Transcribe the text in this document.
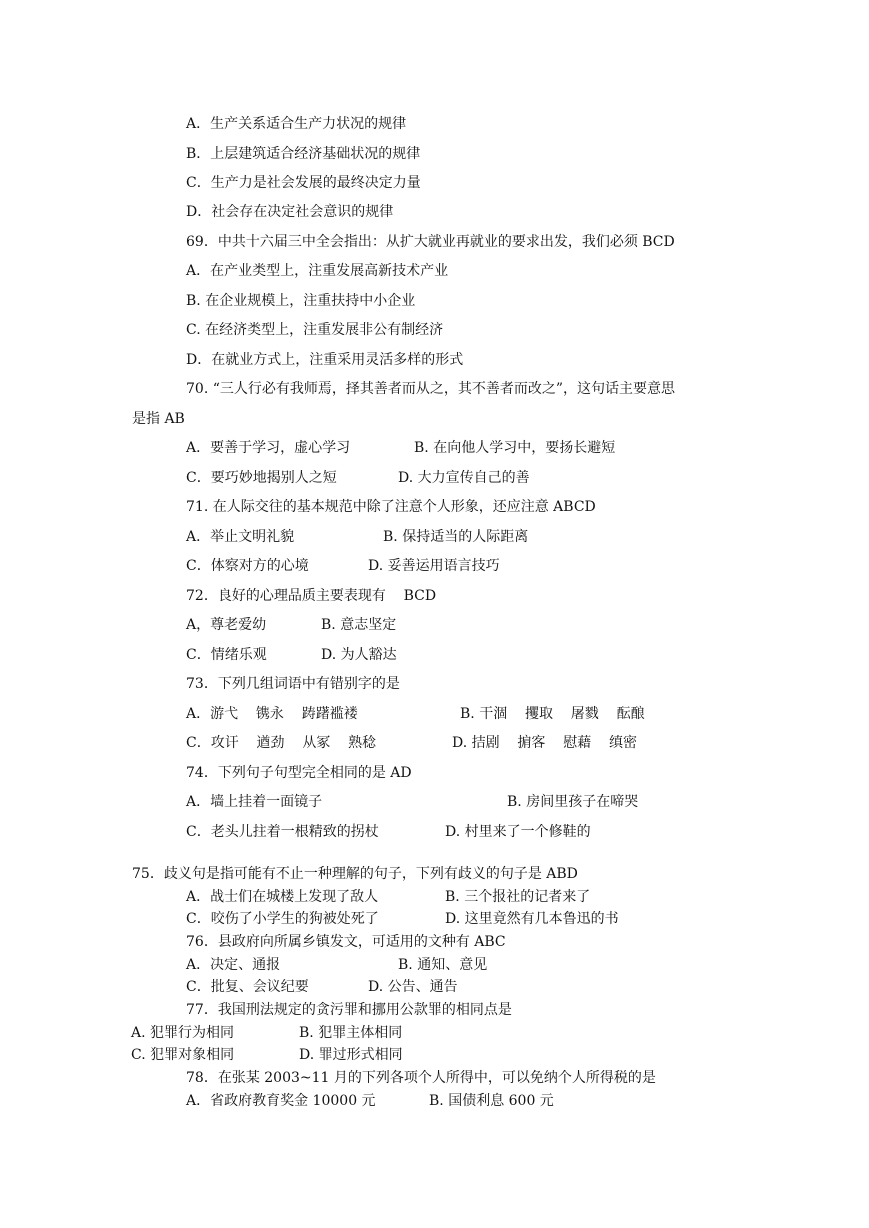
A．生产关系适合生产力状况的规律
B．上层建筑适合经济基础状况的规律
C．生产力是社会发展的最终决定力量
D．社会存在决定社会意识的规律
69．中共十六届三中全会指出：从扩大就业再就业的要求出发，我们必须 BCD
A．在产业类型上，注重发展高新技术产业
B. 在企业规模上，注重扶持中小企业
C. 在经济类型上，注重发展非公有制经济
D．在就业方式上，注重采用灵活多样的形式
70. “三人行必有我师焉，择其善者而从之，其不善者而改之”，这句话主要意思
是指 AB
A．要善于学习，虚心学习	B. 在向他人学习中，要扬长避短
C．要巧妙地揭别人之短	D. 大力宣传自己的善
71. 在人际交往的基本规范中除了注意个人形象，还应注意 ABCD
A．举止文明礼貌	B. 保持适当的人际距离
C．体察对方的心境	D. 妥善运用语言技巧
72．良好的心理品质主要表现有    BCD
A，尊老爱幼	B. 意志坚定
C．情绪乐观	D. 为人豁达
73．下列几组词语中有错别字的是
A．游弋    镌永    踌躇褴褛	B. 干涸    攫取    屠戮    酝酿
C．攻讦    遒劲    从冢    熟稔	D. 拮剧    掮客    慰藉    缜密
74．下列句子句型完全相同的是 AD
A．墙上挂着一面镜子	B. 房间里孩子在啼哭
C．老头儿拄着一根精致的拐杖	D. 村里来了一个修鞋的
75．歧义句是指可能有不止一种理解的句子，下列有歧义的句子是 ABD
A．战士们在城楼上发现了敌人	B. 三个报社的记者来了
C．咬伤了小学生的狗被处死了	D. 这里竟然有几本鲁迅的书
76．县政府向所属乡镇发文，可适用的文种有 ABC
A．决定、通报	B. 通知、意见
C．批复、会议纪要	D. 公告、通告
77．我国刑法规定的贪污罪和挪用公款罪的相同点是
A. 犯罪行为相同	B. 犯罪主体相同
C. 犯罪对象相同	D. 罪过形式相同
78．在张某 2003~11 月的下列各项个人所得中，可以免纳个人所得税的是
A．省政府教育奖金 10000 元	B. 国债利息 600 元
